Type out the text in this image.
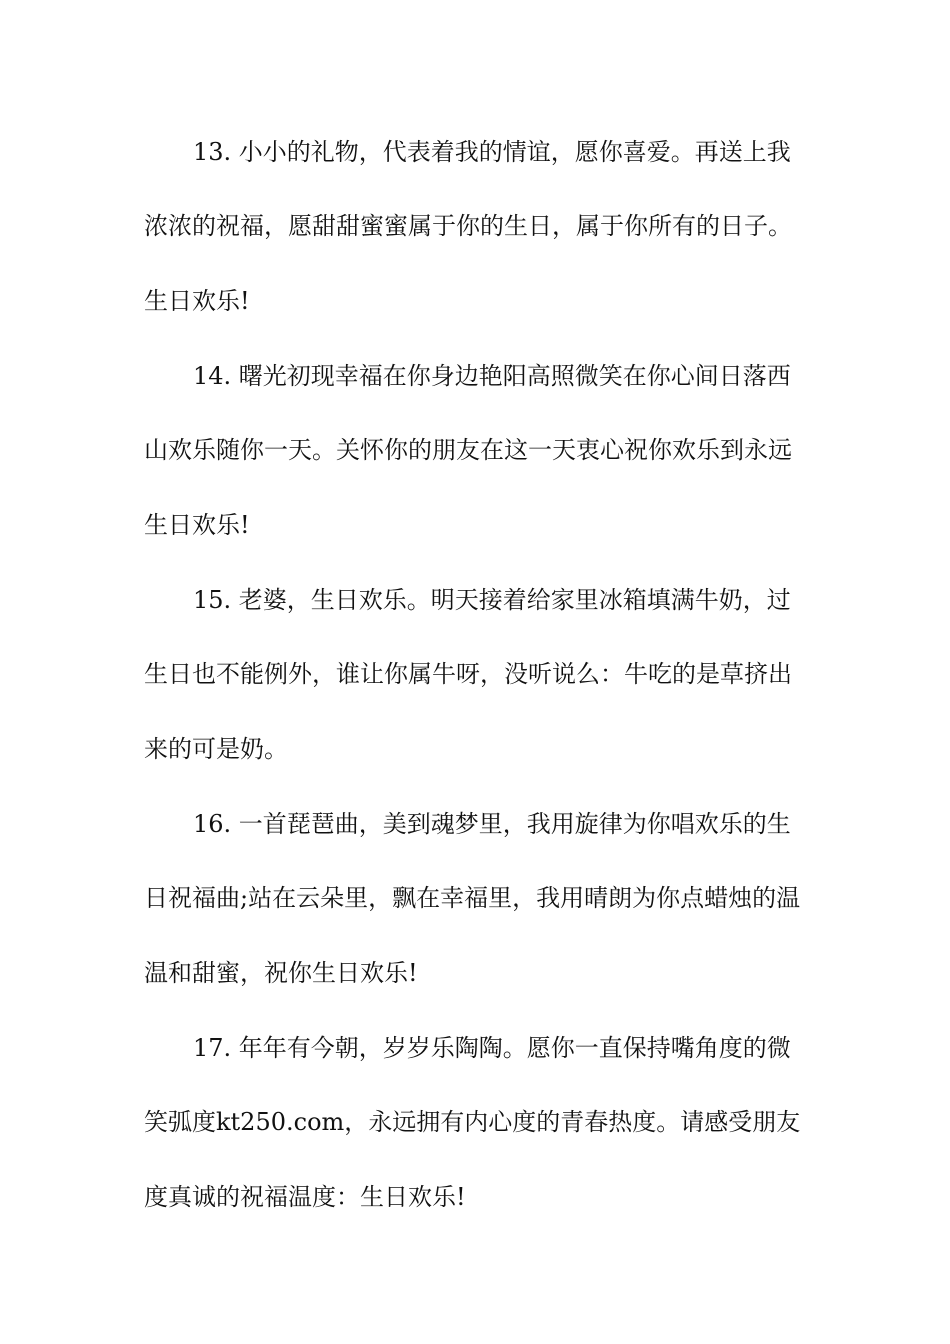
13. 小小的礼物，代表着我的情谊，愿你喜爱。再送上我
浓浓的祝福，愿甜甜蜜蜜属于你的生日，属于你所有的日子。
生日欢乐!
14. 曙光初现幸福在你身边艳阳高照微笑在你心间日落西
山欢乐随你一天。关怀你的朋友在这一天衷心祝你欢乐到永远
生日欢乐!
15. 老婆，生日欢乐。明天接着给家里冰箱填满牛奶，过
生日也不能例外，谁让你属牛呀，没听说么：牛吃的是草挤出
来的可是奶。
16. 一首琵琶曲，美到魂梦里，我用旋律为你唱欢乐的生
日祝福曲;站在云朵里，飘在幸福里，我用晴朗为你点蜡烛的温
温和甜蜜，祝你生日欢乐!
17. 年年有今朝，岁岁乐陶陶。愿你一直保持嘴角度的微
笑弧度kt250.com，永远拥有内心度的青春热度。请感受朋友
度真诚的祝福温度：生日欢乐!
